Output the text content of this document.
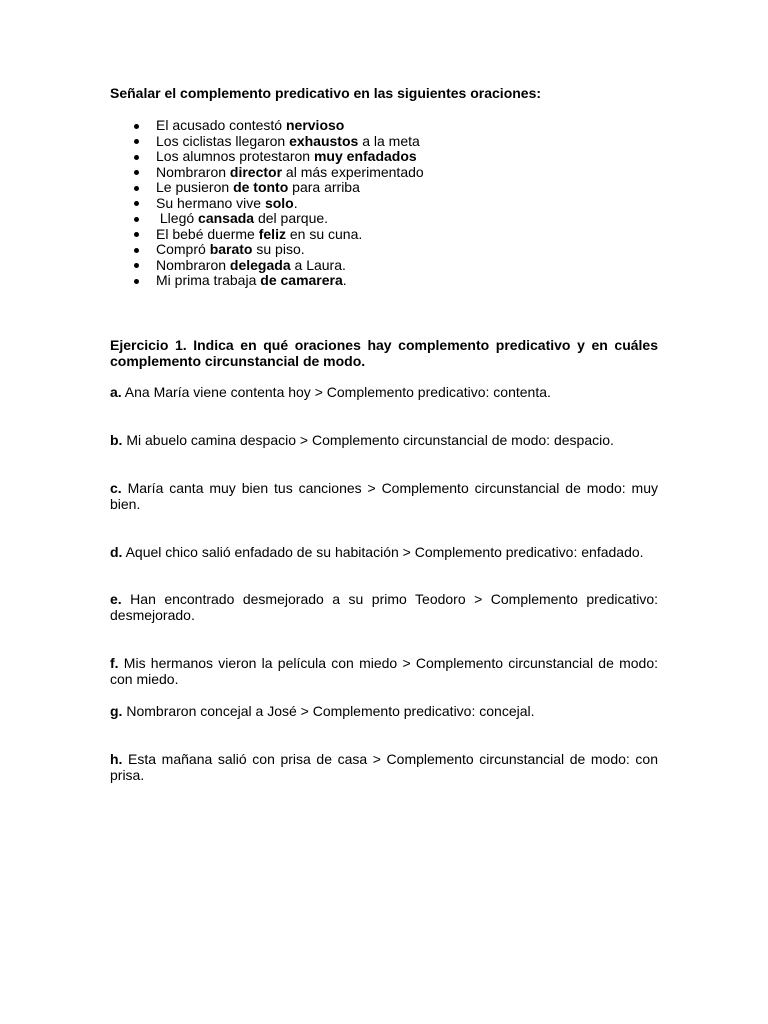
Señalar el complemento predicativo en las siguientes oraciones:

El acusado contestó nervioso
Los ciclistas llegaron exhaustos a la meta
Los alumnos protestaron muy enfadados
Nombraron director al más experimentado
Le pusieron de tonto para arriba
Su hermano vive solo.
Llegó cansada del parque.
El bebé duerme feliz en su cuna.
Compró barato su piso.
Nombraron delegada a Laura.
Mi prima trabaja de camarera.

Ejercicio 1. Indica en qué oraciones hay complemento predicativo y en cuáles complemento circunstancial de modo.

a. Ana María viene contenta hoy > Complemento predicativo: contenta.

b. Mi abuelo camina despacio > Complemento circunstancial de modo: despacio.

c. María canta muy bien tus canciones > Complemento circunstancial de modo: muy bien.

d. Aquel chico salió enfadado de su habitación > Complemento predicativo: enfadado.

e. Han encontrado desmejorado a su primo Teodoro > Complemento predicativo: desmejorado.

f. Mis hermanos vieron la película con miedo > Complemento circunstancial de modo: con miedo.

g. Nombraron concejal a José > Complemento predicativo: concejal.

h. Esta mañana salió con prisa de casa > Complemento circunstancial de modo: con prisa.
